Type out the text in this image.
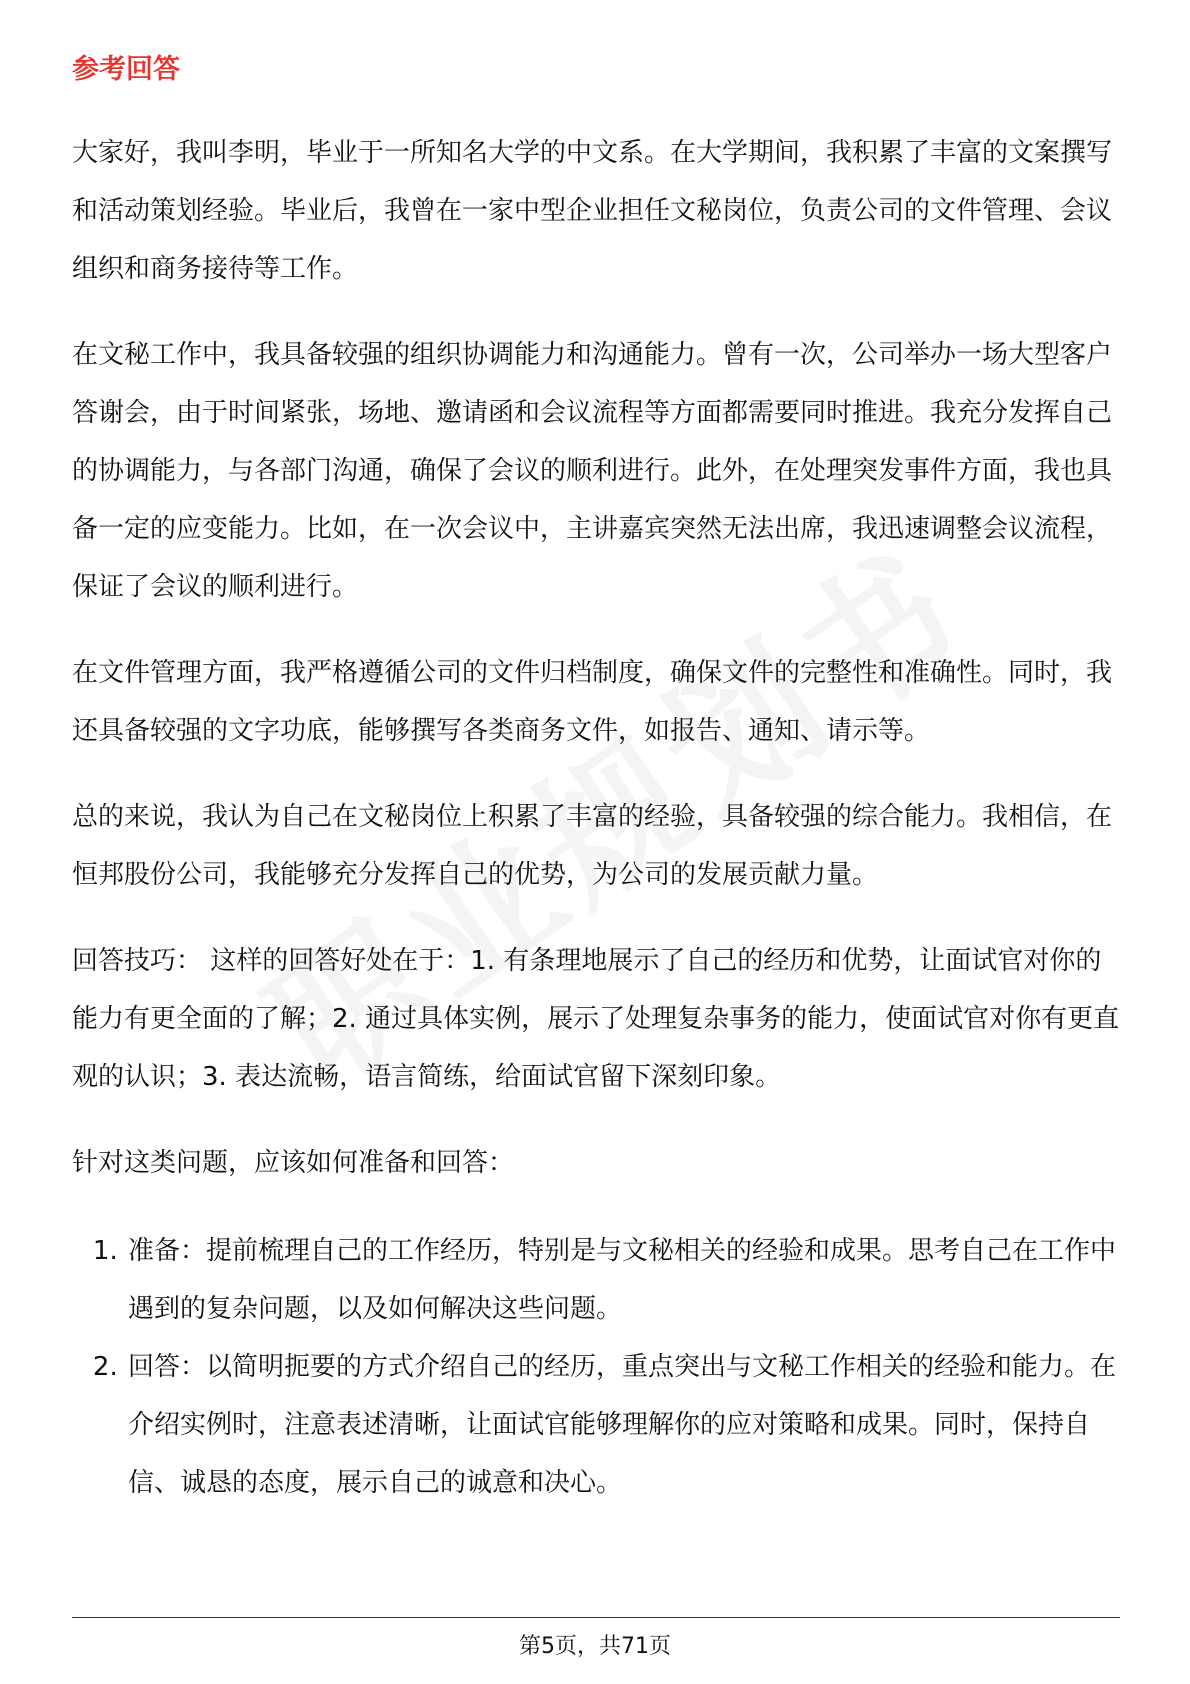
参考回答

大家好，我叫李明，毕业于一所知名大学的中文系。在大学期间，我积累了丰富的文案撰写和活动策划经验。毕业后，我曾在一家中型企业担任文秘岗位，负责公司的文件管理、会议组织和商务接待等工作。

在文秘工作中，我具备较强的组织协调能力和沟通能力。曾有一次，公司举办一场大型客户答谢会，由于时间紧张，场地、邀请函和会议流程等方面都需要同时推进。我充分发挥自己的协调能力，与各部门沟通，确保了会议的顺利进行。此外，在处理突发事件方面，我也具备一定的应变能力。比如，在一次会议中，主讲嘉宾突然无法出席，我迅速调整会议流程，保证了会议的顺利进行。

在文件管理方面，我严格遵循公司的文件归档制度，确保文件的完整性和准确性。同时，我还具备较强的文字功底，能够撰写各类商务文件，如报告、通知、请示等。

总的来说，我认为自己在文秘岗位上积累了丰富的经验，具备较强的综合能力。我相信，在恒邦股份公司，我能够充分发挥自己的优势，为公司的发展贡献力量。

回答技巧： 这样的回答好处在于：1. 有条理地展示了自己的经历和优势，让面试官对你的能力有更全面的了解；2. 通过具体实例，展示了处理复杂事务的能力，使面试官对你有更直观的认识；3. 表达流畅，语言简练，给面试官留下深刻印象。

针对这类问题，应该如何准备和回答：

1. 准备：提前梳理自己的工作经历，特别是与文秘相关的经验和成果。思考自己在工作中遇到的复杂问题，以及如何解决这些问题。
2. 回答：以简明扼要的方式介绍自己的经历，重点突出与文秘工作相关的经验和能力。在介绍实例时，注意表述清晰，让面试官能够理解你的应对策略和成果。同时，保持自信、诚恳的态度，展示自己的诚意和决心。
第5页，共71页
